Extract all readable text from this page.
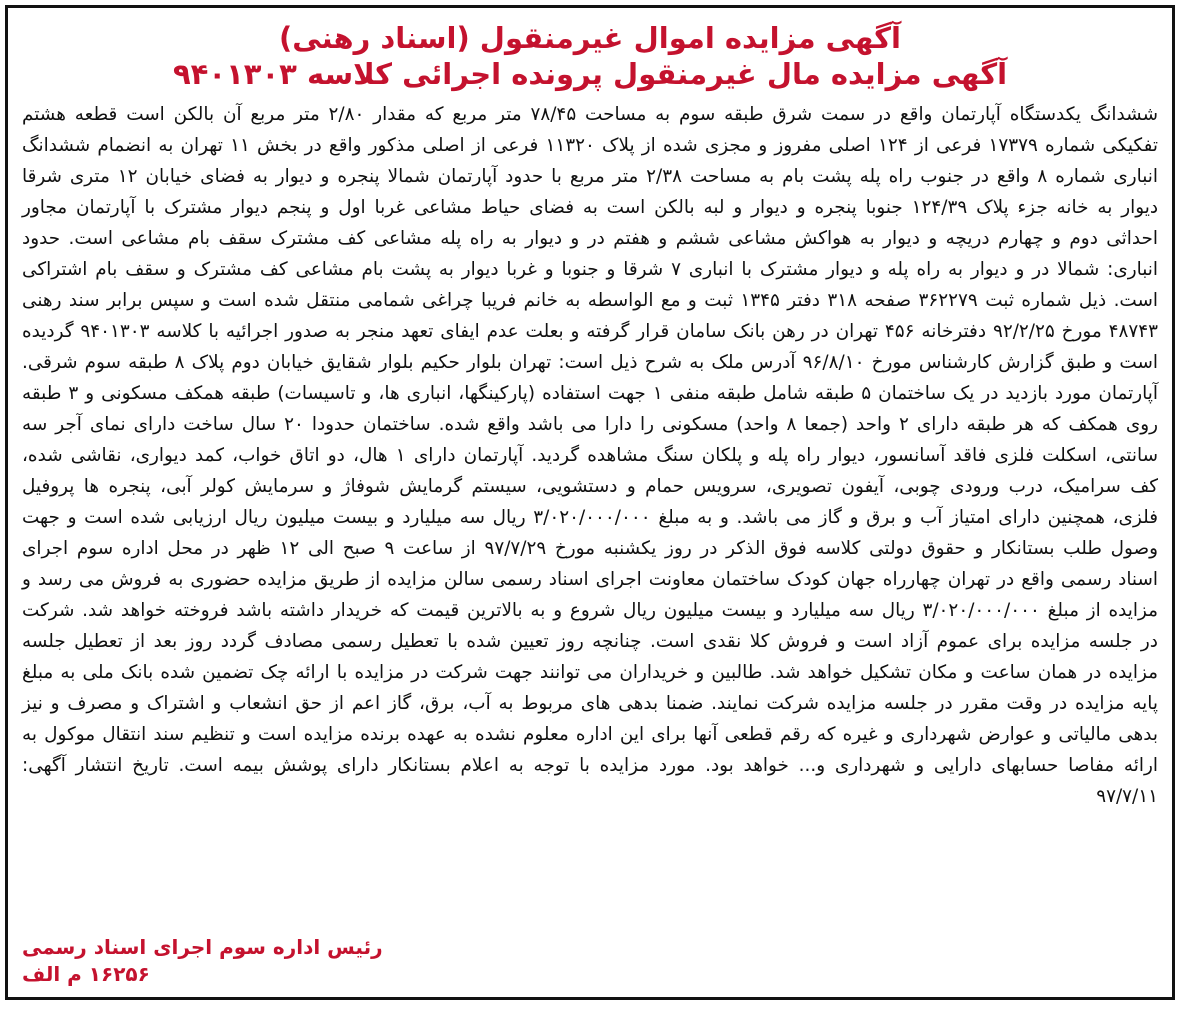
آگهی مزایده اموال غیرمنقول (اسناد رهنی)
آگهی مزایده مال غیرمنقول پرونده اجرائی کلاسه ۹۴۰۱۳۰۳

ششدانگ یکدستگاه آپارتمان واقع در سمت شرق طبقه سوم به مساحت ۷۸/۴۵ متر مربع که مقدار ۲/۸۰ متر مربع آن بالکن است قطعه هشتم تفکیکی شماره ۱۷۳۷۹ فرعی از ۱۲۴ اصلی مفروز و مجزی شده از پلاک ۱۱۳۲۰ فرعی از اصلی مذکور واقع در بخش ۱۱ تهران به انضمام ششدانگ انباری شماره ۸ واقع در جنوب راه پله پشت بام به مساحت ۲/۳۸ متر مربع با حدود آپارتمان شمالا پنجره و دیوار به فضای خیابان ۱۲ متری شرقا دیوار به خانه جزء پلاک ۱۲۴/۳۹ جنوبا پنجره و دیوار و لبه بالکن است به فضای حیاط مشاعی غربا اول و پنجم دیوار مشترک با آپارتمان مجاور احداثی دوم و چهارم دریچه و دیوار به هواکش مشاعی ششم و هفتم در و دیوار به راه پله مشاعی کف مشترک سقف بام مشاعی است. حدود انباری: شمالا در و دیوار به راه پله و دیوار مشترک با انباری ۷ شرقا و جنوبا و غربا دیوار به پشت بام مشاعی کف مشترک و سقف بام اشتراکی است. ذیل شماره ثبت ۳۶۲۲۷۹ صفحه ۳۱۸ دفتر ۱۳۴۵ ثبت و مع الواسطه به خانم فریبا چراغی شمامی منتقل شده است و سپس برابر سند رهنی ۴۸۷۴۳ مورخ ۹۲/۲/۲۵ دفترخانه ۴۵۶ تهران در رهن بانک سامان قرار گرفته و بعلت عدم ایفای تعهد منجر به صدور اجرائیه با کلاسه ۹۴۰۱۳۰۳ گردیده است و طبق گزارش کارشناس مورخ ۹۶/۸/۱۰ آدرس ملک به شرح ذیل است: تهران بلوار حکیم بلوار شقایق خیابان دوم پلاک ۸ طبقه سوم شرقی. آپارتمان مورد بازدید در یک ساختمان ۵ طبقه شامل طبقه منفی ۱ جهت استفاده (پارکینگها، انباری ها، و تاسیسات) طبقه همکف مسکونی و ۳ طبقه روی همکف که هر طبقه دارای ۲ واحد (جمعا ۸ واحد) مسکونی را دارا می باشد واقع شده. ساختمان حدودا ۲۰ سال ساخت دارای نمای آجر سه سانتی، اسکلت فلزی فاقد آسانسور، دیوار راه پله و پلکان سنگ مشاهده گردید. آپارتمان دارای ۱ هال، دو اتاق خواب، کمد دیواری، نقاشی شده، کف سرامیک، درب ورودی چوبی، آیفون تصویری، سرویس حمام و دستشویی، سیستم گرمایش شوفاژ و سرمایش کولر آبی، پنجره ها پروفیل فلزی، همچنین دارای امتیاز آب و برق و گاز می باشد. و به مبلغ ۳/۰۲۰/۰۰۰/۰۰۰ ریال سه میلیارد و بیست میلیون ریال ارزیابی شده است و جهت وصول طلب بستانکار و حقوق دولتی کلاسه فوق الذکر در روز یکشنبه مورخ ۹۷/۷/۲۹ از ساعت ۹ صبح الی ۱۲ ظهر در محل اداره سوم اجرای اسناد رسمی واقع در تهران چهارراه جهان کودک ساختمان معاونت اجرای اسناد رسمی سالن مزایده از طریق مزایده حضوری به فروش می رسد و مزایده از مبلغ ۳/۰۲۰/۰۰۰/۰۰۰ ریال سه میلیارد و بیست میلیون ریال شروع و به بالاترین قیمت که خریدار داشته باشد فروخته خواهد شد. شرکت در جلسه مزایده برای عموم آزاد است و فروش کلا نقدی است. چنانچه روز تعیین شده با تعطیل رسمی مصادف گردد روز بعد از تعطیل جلسه مزایده در همان ساعت و مکان تشکیل خواهد شد. طالبین و خریداران می توانند جهت شرکت در مزایده با ارائه چک تضمین شده بانک ملی به مبلغ پایه مزایده در وقت مقرر در جلسه مزایده شرکت نمایند. ضمنا بدهی های مربوط به آب، برق، گاز اعم از حق انشعاب و اشتراک و مصرف و نیز بدهی مالیاتی و عوارض شهرداری و غیره که رقم قطعی آنها برای این اداره معلوم نشده به عهده برنده مزایده است و تنظیم سند انتقال موکول به ارائه مفاصا حسابهای دارایی و شهرداری و... خواهد بود. مورد مزایده با توجه به اعلام بستانکار دارای پوشش بیمه است. تاریخ انتشار آگهی: ۹۷/۷/۱۱

رئیس اداره سوم اجرای اسناد رسمی
۱۶۲۵۶ م الف
